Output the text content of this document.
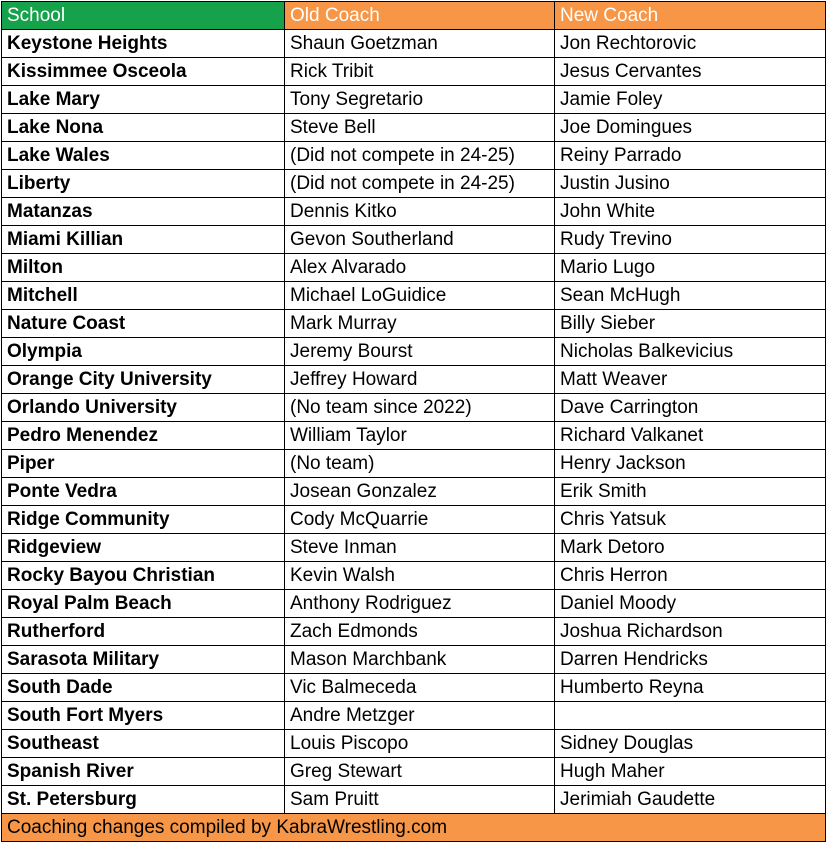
School	Old Coach	New Coach
Keystone Heights	Shaun Goetzman	Jon Rechtorovic
Kissimmee Osceola	Rick Tribit	Jesus Cervantes
Lake Mary	Tony Segretario	Jamie Foley
Lake Nona	Steve Bell	Joe Domingues
Lake Wales	(Did not compete in 24-25)	Reiny Parrado
Liberty	(Did not compete in 24-25)	Justin Jusino
Matanzas	Dennis Kitko	John White
Miami Killian	Gevon Southerland	Rudy Trevino
Milton	Alex Alvarado	Mario Lugo
Mitchell	Michael LoGuidice	Sean McHugh
Nature Coast	Mark Murray	Billy Sieber
Olympia	Jeremy Bourst	Nicholas Balkevicius
Orange City University	Jeffrey Howard	Matt Weaver
Orlando University	(No team since 2022)	Dave Carrington
Pedro Menendez	William Taylor	Richard Valkanet
Piper	(No team)	Henry Jackson
Ponte Vedra	Josean Gonzalez	Erik Smith
Ridge Community	Cody McQuarrie	Chris Yatsuk
Ridgeview	Steve Inman	Mark Detoro
Rocky Bayou Christian	Kevin Walsh	Chris Herron
Royal Palm Beach	Anthony Rodriguez	Daniel Moody
Rutherford	Zach Edmonds	Joshua Richardson
Sarasota Military	Mason Marchbank	Darren Hendricks
South Dade	Vic Balmeceda	Humberto Reyna
South Fort Myers	Andre Metzger	
Southeast	Louis Piscopo	Sidney Douglas
Spanish River	Greg Stewart	Hugh Maher
St. Petersburg	Sam Pruitt	Jerimiah Gaudette
Coaching changes compiled by KabraWrestling.com		
